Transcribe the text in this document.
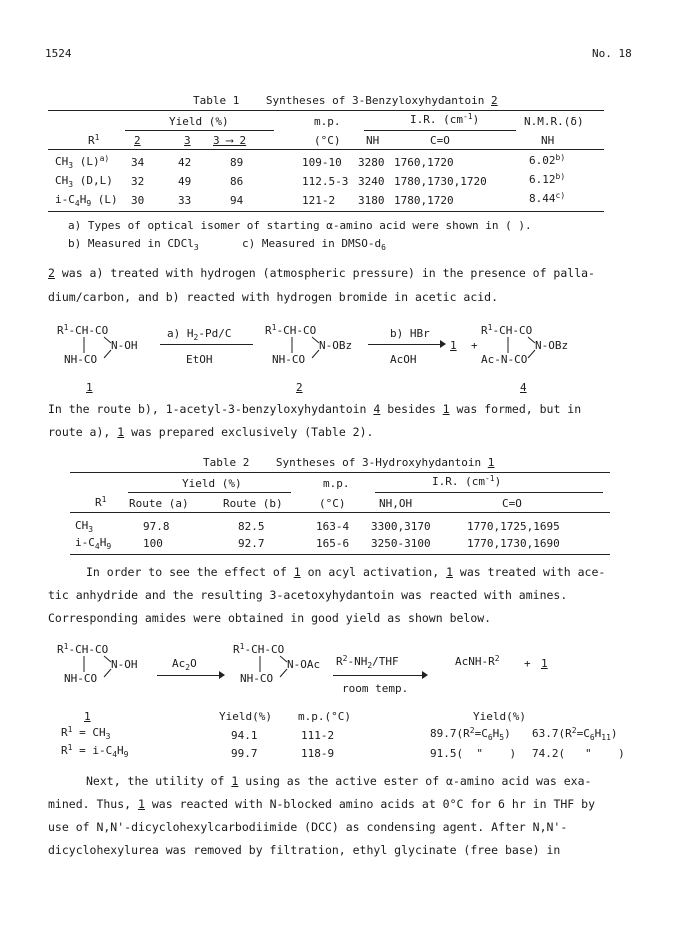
1524	No. 18
Table 1 Syntheses of 3-Benzyloxyhydantoin 2
Yield (%)	m.p.	I.R. $(cm^{-1})$	N.M.R.(δ)
$R^1$	2	3 3 ⟶ 2	(°C) NH	C=O	NH
$CH_3$ $(L)^{a)}$ 34	42	89	109-10 3280 1760,1720	6.02$^{b)}$
$CH_3$ (D,L) 32	49	86	112.5-3 3240 1780,1730,1720	6.12$^{b)}$
$i-C_4H_9$ (L) 30	33	94	121-2 3180 1780,1720	8.44$^{c)}$
a) Types of optical isomer of starting α-amino acid were shown in ( ).
b) Measured in CDCl$_3$	c) Measured in DMSO-$d_6$
2 was a) treated with hydrogen (atmospheric pressure) in the presence of palla-
dium/carbon, and b) reacted with hydrogen bromide in acetic acid.
$R^1-CH-CO$
N-OH
NH-CO
a) $H_2-Pd/C$
EtOH
$R^1-CH-CO$
N-OBz
NH-CO
b) HBr
AcOH
1 +
$R^1-CH-CO$
N-OBz
Ac-N-CO
1	2	4
In the route b), 1-acetyl-3-benzyloxyhydantoin 4 besides 1 was formed, but in
route a), 1 was prepared exclusively (Table 2).
Table 2 Syntheses of 3-Hydroxyhydantoin 1
Yield (%)	m.p.	I.R. $(cm^{-1})$
$R^1$ Route (a)	Route (b)	(°C)	NH,OH	C=O
$CH_3$	97.8	82.5	163-4 3300,3170	1770,1725,1695
$i-C_4H_9$	100	92.7	165-6 3250-3100	1770,1730,1690
In order to see the effect of 1 on acyl activation, 1 was treated with ace-
tic anhydride and the resulting 3-acetoxyhydantoin was reacted with amines.
Corresponding amides were obtained in good yield as shown below.
$R^1-CH-CO$
N-OH
NH-CO
$Ac_2O$
$R^1-CH-CO$
N-OAc
NH-CO
$R^2-NH_2$/THF
room temp.
AcNH-$R^2 + 1$
1	Yield(%) m.p.(°C)	Yield(%)
$R^1 = CH_3$	94.1	111-2	$89.7(R^2=C_6H_5)$ $63.7(R^2=C_6H_{11})$
$R^1 = i-C_4H_9$	99.7	118-9	91.5(  "    ) 74.2(   "    )
Next, the utility of 1 using as the active ester of α-amino acid was exa-
mined. Thus, 1 was reacted with N-blocked amino acids at 0°C for 6 hr in THF by
use of N,N'-dicyclohexylcarbodiimide (DCC) as condensing agent. After N,N'-
dicyclohexylurea was removed by filtration, ethyl glycinate (free base) in
